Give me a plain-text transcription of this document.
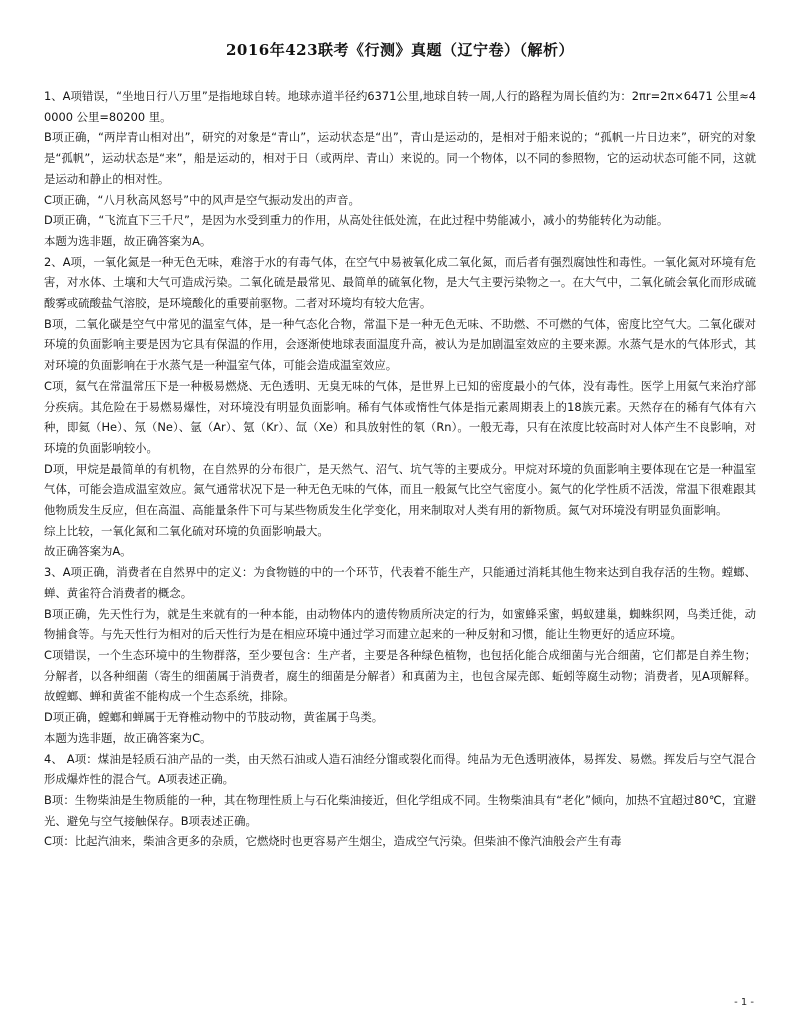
2016年423联考《行测》真题（辽宁卷）（解析）

1、A项错误，“坐地日行八万里”是指地球自转。地球赤道半径约6371公里,地球自转一周,人行的路程为周长值约为：2πr=2π×6471 公里≈40000 公里=80200 里。

B项正确，“两岸青山相对出”，研究的对象是“青山”，运动状态是“出”，青山是运动的，是相对于船来说的；“孤帆一片日边来”，研究的对象是“孤帆”，运动状态是“来”，船是运动的，相对于日（或两岸、青山）来说的。同一个物体，以不同的参照物，它的运动状态可能不同，这就是运动和静止的相对性。

C项正确，“八月秋高风怒号”中的风声是空气振动发出的声音。

D项正确，“飞流直下三千尺”，是因为水受到重力的作用，从高处往低处流，在此过程中势能减小，减小的势能转化为动能。

本题为选非题，故正确答案为A。

2、A项，一氧化氮是一种无色无味，难溶于水的有毒气体，在空气中易被氧化成二氧化氮，而后者有强烈腐蚀性和毒性。一氧化氮对环境有危害，对水体、土壤和大气可造成污染。二氧化硫是最常见、最简单的硫氧化物，是大气主要污染物之一。在大气中，二氧化硫会氧化而形成硫酸雾或硫酸盐气溶胶，是环境酸化的重要前驱物。二者对环境均有较大危害。

B项，二氧化碳是空气中常见的温室气体，是一种气态化合物，常温下是一种无色无味、不助燃、不可燃的气体，密度比空气大。二氧化碳对环境的负面影响主要是因为它具有保温的作用，会逐渐使地球表面温度升高，被认为是加剧温室效应的主要来源。水蒸气是水的气体形式，其对环境的负面影响在于水蒸气是一种温室气体，可能会造成温室效应。

C项，氦气在常温常压下是一种极易燃烧、无色透明、无臭无味的气体，是世界上已知的密度最小的气体，没有毒性。医学上用氦气来治疗部分疾病。其危险在于易燃易爆性，对环境没有明显负面影响。稀有气体或惰性气体是指元素周期表上的18族元素。天然存在的稀有气体有六种，即氦（He）、氖（Ne）、氩（Ar）、氪（Kr）、氙（Xe）和具放射性的氡（Rn）。一般无毒，只有在浓度比较高时对人体产生不良影响，对环境的负面影响较小。

D项，甲烷是最简单的有机物，在自然界的分布很广，是天然气、沼气、坑气等的主要成分。甲烷对环境的负面影响主要体现在它是一种温室气体，可能会造成温室效应。氮气通常状况下是一种无色无味的气体，而且一般氮气比空气密度小。氮气的化学性质不活泼，常温下很难跟其他物质发生反应，但在高温、高能量条件下可与某些物质发生化学变化，用来制取对人类有用的新物质。氮气对环境没有明显负面影响。

综上比较，一氧化氮和二氧化硫对环境的负面影响最大。

故正确答案为A。

3、A项正确，消费者在自然界中的定义：为食物链的中的一个环节，代表着不能生产，只能通过消耗其他生物来达到自我存活的生物。螳螂、蝉、黄雀符合消费者的概念。

B项正确，先天性行为，就是生来就有的一种本能，由动物体内的遗传物质所决定的行为，如蜜蜂采蜜，蚂蚁建巢，蜘蛛织网，鸟类迁徙，动物捕食等。与先天性行为相对的后天性行为是在相应环境中通过学习而建立起来的一种反射和习惯，能让生物更好的适应环境。

C项错误，一个生态环境中的生物群落，至少要包含：生产者，主要是各种绿色植物，也包括化能合成细菌与光合细菌，它们都是自养生物；分解者，以各种细菌（寄生的细菌属于消费者，腐生的细菌是分解者）和真菌为主，也包含屎壳郎、蚯蚓等腐生动物；消费者，见A项解释。故螳螂、蝉和黄雀不能构成一个生态系统，排除。

D项正确，螳螂和蝉属于无脊椎动物中的节肢动物，黄雀属于鸟类。

本题为选非题，故正确答案为C。

4、 A项：煤油是轻质石油产品的一类，由天然石油或人造石油经分馏或裂化而得。纯品为无色透明液体，易挥发、易燃。挥发后与空气混合形成爆炸性的混合气。A项表述正确。

B项：生物柴油是生物质能的一种，其在物理性质上与石化柴油接近，但化学组成不同。生物柴油具有“老化”倾向，加热不宜超过80℃，宜避光、避免与空气接触保存。B项表述正确。

C项：比起汽油来，柴油含更多的杂质，它燃烧时也更容易产生烟尘，造成空气污染。但柴油不像汽油般会产生有毒

- 1 -
